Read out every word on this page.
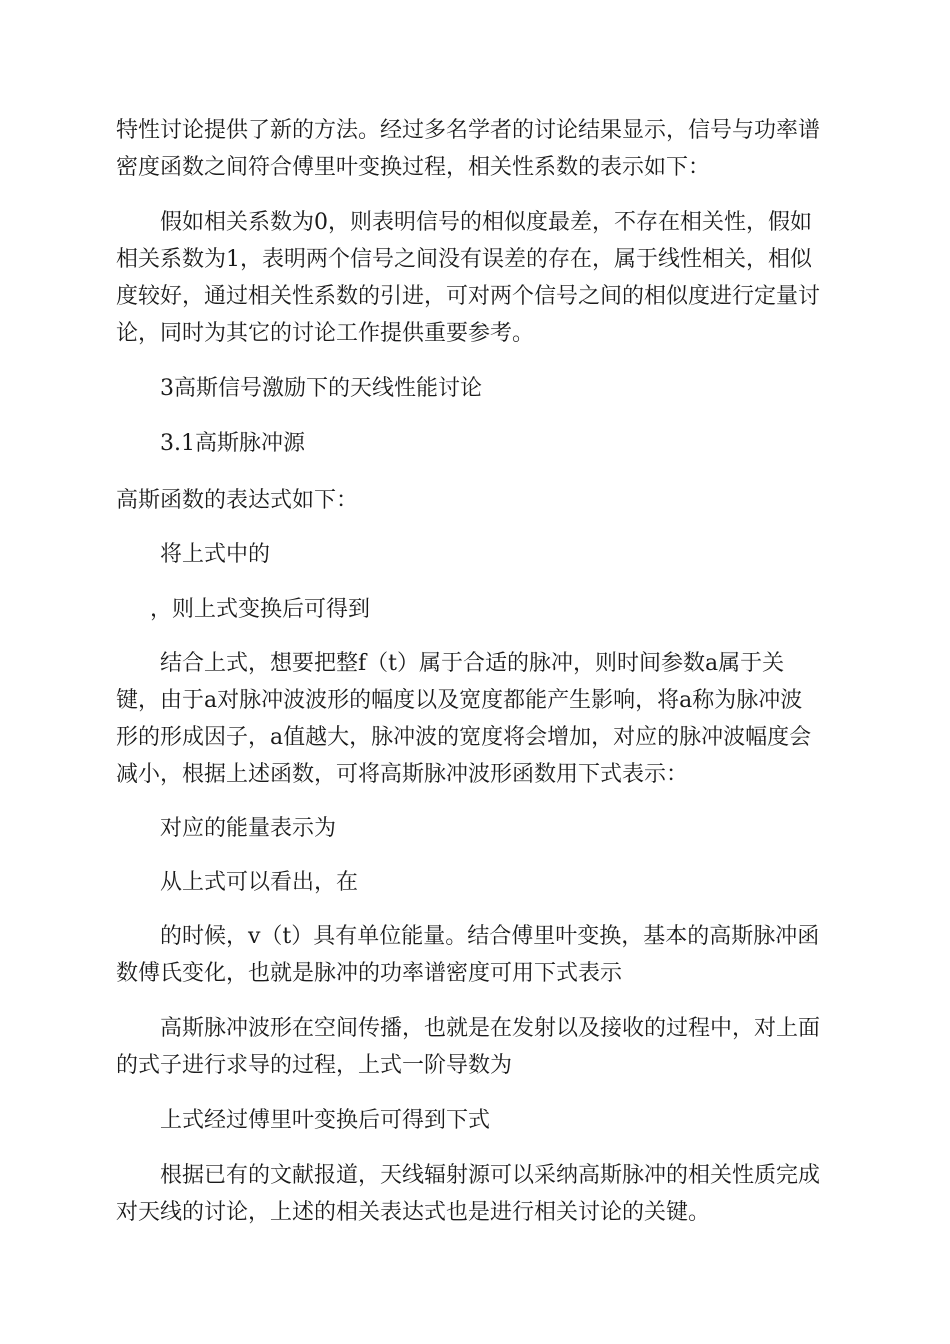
特性讨论提供了新的方法。经过多名学者的讨论结果显示，信号与功率谱
密度函数之间符合傅里叶变换过程，相关性系数的表示如下：

假如相关系数为0，则表明信号的相似度最差，不存在相关性，假如

相关系数为1，表明两个信号之间没有误差的存在，属于线性相关，相似
度较好，通过相关性系数的引进，可对两个信号之间的相似度进行定量讨
论，同时为其它的讨论工作提供重要参考。

3高斯信号激励下的天线性能讨论

3.1高斯脉冲源

高斯函数的表达式如下：

将上式中的

，则上式变换后可得到

结合上式，想要把整f（t）属于合适的脉冲，则时间参数a属于关

键，由于a对脉冲波波形的幅度以及宽度都能产生影响，将a称为脉冲波
形的形成因子，a值越大，脉冲波的宽度将会增加，对应的脉冲波幅度会
减小，根据上述函数，可将高斯脉冲波形函数用下式表示：

对应的能量表示为

从上式可以看出，在

的时候，v（t）具有单位能量。结合傅里叶变换，基本的高斯脉冲函

数傅氏变化，也就是脉冲的功率谱密度可用下式表示

高斯脉冲波形在空间传播，也就是在发射以及接收的过程中，对上面

的式子进行求导的过程，上式一阶导数为

上式经过傅里叶变换后可得到下式

根据已有的文献报道，天线辐射源可以采纳高斯脉冲的相关性质完成

对天线的讨论，上述的相关表达式也是进行相关讨论的关键。
